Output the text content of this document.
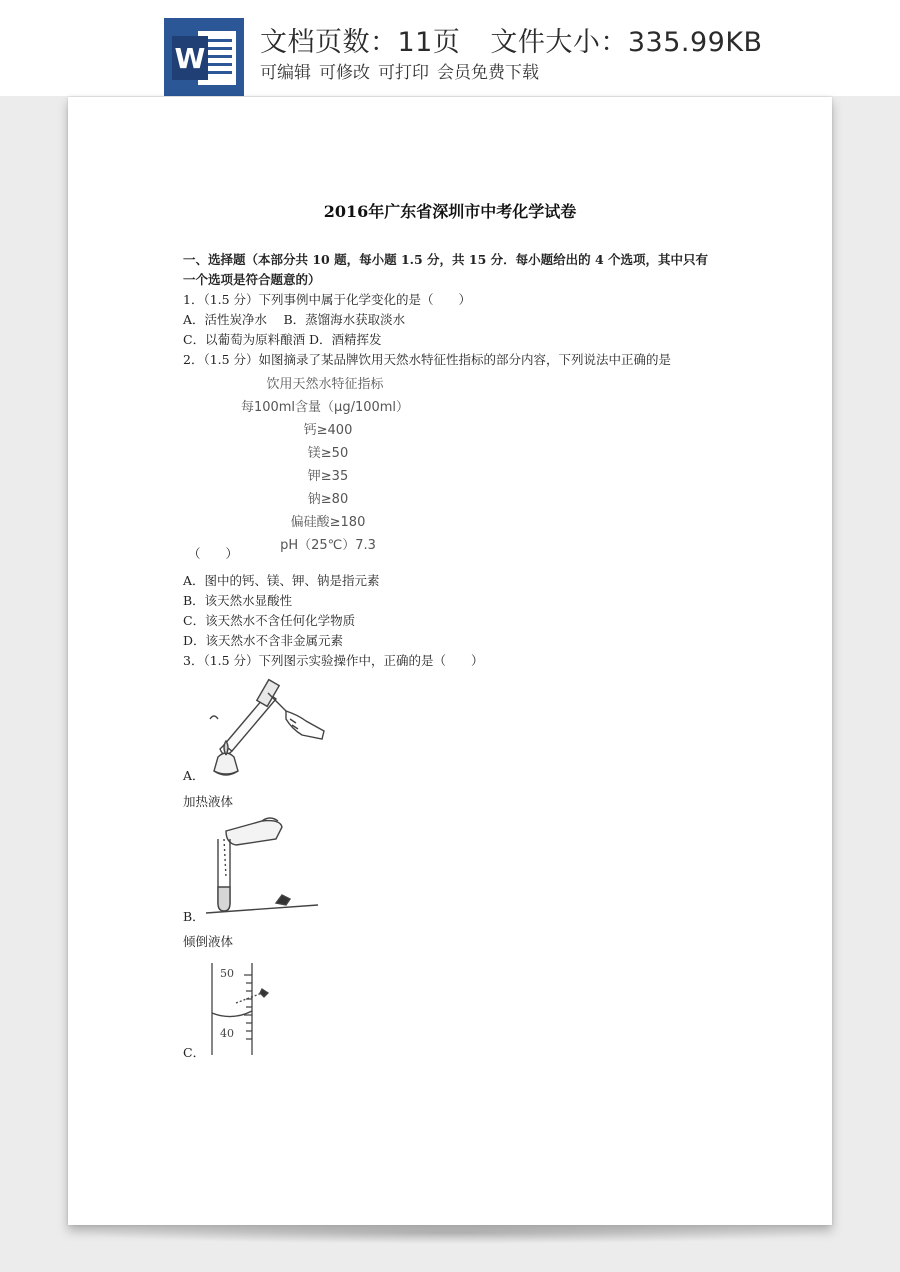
W 文档页数：11页 文件大小：335.99KB
可编辑 可修改 可打印 会员免费下载
2016年广东省深圳市中考化学试卷
一、选择题（本部分共 10 题，每小题 1.5 分，共 15 分．每小题给出的 4 个选项，其中只有
一个选项是符合题意的）
1．（1.5 分）下列事例中属于化学变化的是（　　）
A．活性炭净水　 B．蒸馏海水获取淡水
C．以葡萄为原料酿酒 D．酒精挥发
2．（1.5 分）如图摘录了某品牌饮用天然水特征性指标的部分内容，下列说法中正确的是
饮用天然水特征指标
每100ml含量（μg/100ml）
钙≥400
镁≥50
钾≥35
钠≥80
偏硅酸≥180
pH（25℃）7.3
（　　）
A．图中的钙、镁、钾、钠是指元素
B．该天然水显酸性
C．该天然水不含任何化学物质
D．该天然水不含非金属元素
3．（1.5 分）下列图示实验操作中，正确的是（　　）
A．
加热液体
B．
倾倒液体
50
40
C．
